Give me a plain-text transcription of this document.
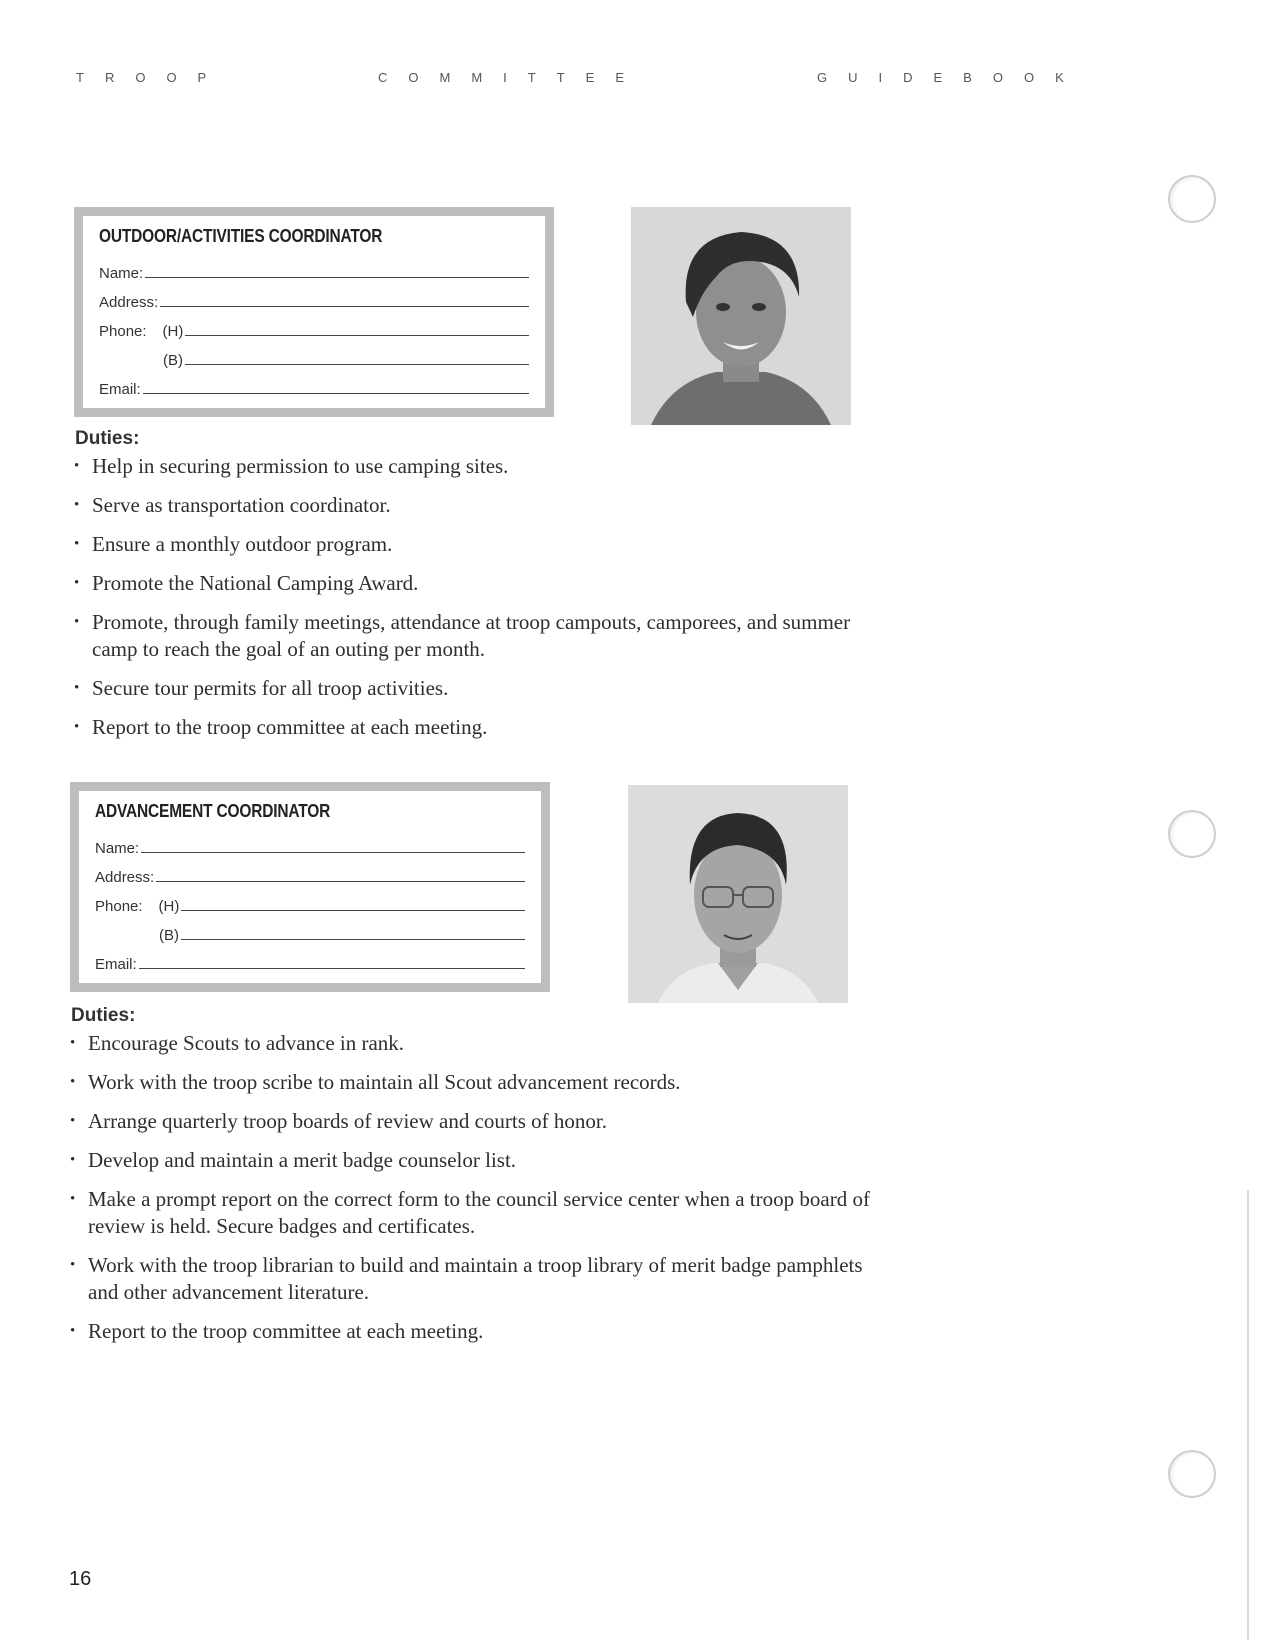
TROOP	COMMITTEE	GUIDEBOOK
OUTDOOR/ACTIVITIES COORDINATOR
Name:
Address:
Phone:	(H)
(B)
Email:
Duties:
• Help in securing permission to use camping sites.
• Serve as transportation coordinator.
• Ensure a monthly outdoor program.
• Promote the National Camping Award.
• Promote, through family meetings, attendance at troop campouts, camporees, and summer camp to reach the goal of an outing per month.
• Secure tour permits for all troop activities.
• Report to the troop committee at each meeting.
ADVANCEMENT COORDINATOR
Name:
Address:
Phone:	(H)
(B)
Email:
Duties:
• Encourage Scouts to advance in rank.
• Work with the troop scribe to maintain all Scout advancement records.
• Arrange quarterly troop boards of review and courts of honor.
• Develop and maintain a merit badge counselor list.
• Make a prompt report on the correct form to the council service center when a troop board of review is held. Secure badges and certificates.
• Work with the troop librarian to build and maintain a troop library of merit badge pamphlets and other advancement literature.
• Report to the troop committee at each meeting.
16
